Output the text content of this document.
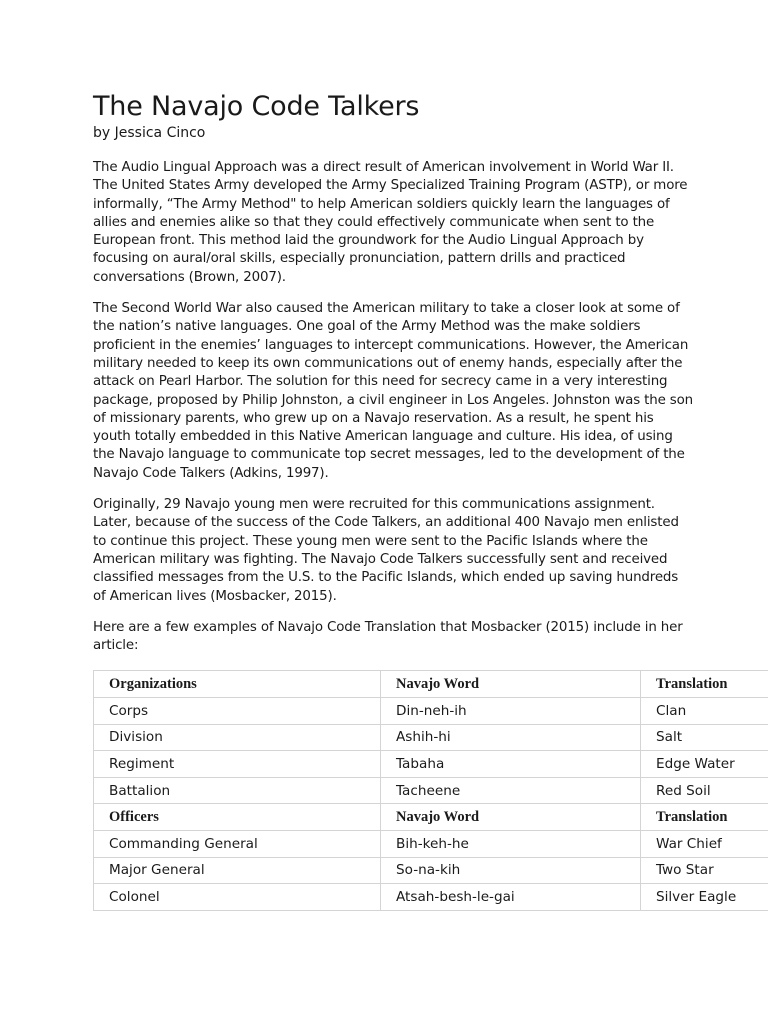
The Navajo Code Talkers

by Jessica Cinco

The Audio Lingual Approach was a direct result of American involvement in World War II. The United States Army developed the Army Specialized Training Program (ASTP), or more informally, “The Army Method" to help American soldiers quickly learn the languages of allies and enemies alike so that they could effectively communicate when sent to the European front. This method laid the groundwork for the Audio Lingual Approach by focusing on aural/oral skills, especially pronunciation, pattern drills and practiced conversations (Brown, 2007).

The Second World War also caused the American military to take a closer look at some of the nation’s native languages. One goal of the Army Method was the make soldiers proficient in the enemies’ languages to intercept communications. However, the American military needed to keep its own communications out of enemy hands, especially after the attack on Pearl Harbor. The solution for this need for secrecy came in a very interesting package, proposed by Philip Johnston, a civil engineer in Los Angeles. Johnston was the son of missionary parents, who grew up on a Navajo reservation. As a result, he spent his youth totally embedded in this Native American language and culture. His idea, of using the Navajo language to communicate top secret messages, led to the development of the Navajo Code Talkers (Adkins, 1997).

Originally, 29 Navajo young men were recruited for this communications assignment. Later, because of the success of the Code Talkers, an additional 400 Navajo men enlisted to continue this project. These young men were sent to the Pacific Islands where the American military was fighting. The Navajo Code Talkers successfully sent and received classified messages from the U.S. to the Pacific Islands, which ended up saving hundreds of American lives (Mosbacker, 2015).

Here are a few examples of Navajo Code Translation that Mosbacker (2015) include in her article:

Organizations	Navajo Word	Translation
Corps	Din-neh-ih	Clan
Division	Ashih-hi	Salt
Regiment	Tabaha	Edge Water
Battalion	Tacheene	Red Soil
Officers	Navajo Word	Translation
Commanding General	Bih-keh-he	War Chief
Major General	So-na-kih	Two Star
Colonel	Atsah-besh-le-gai	Silver Eagle
